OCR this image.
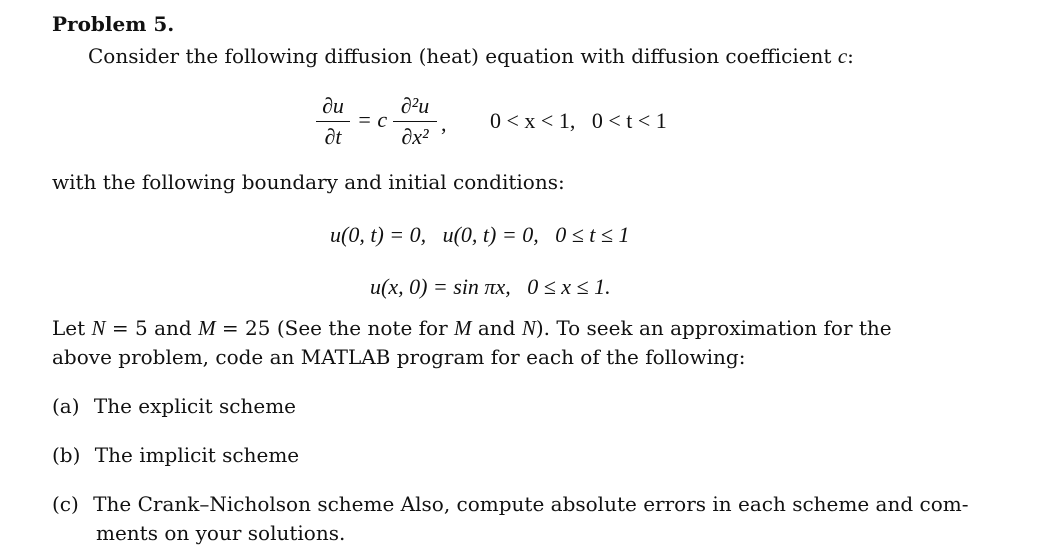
Problem 5.
Consider the following diffusion (heat) equation with diffusion coefficient c:
∂u
∂t
= c
∂²u
∂x²
, 0 < x < 1,   0 < t < 1
with the following boundary and initial conditions:
u(0, t) = 0,   u(0, t) = 0,   0 ≤ t ≤ 1
u(x, 0) = sin πx,   0 ≤ x ≤ 1.
Let N = 5 and M = 25 (See the note for M and N). To seek an approximation for the
above problem, code an MATLAB program for each of the following:
(a) The explicit scheme
(b) The implicit scheme
(c) The Crank–Nicholson scheme Also, compute absolute errors in each scheme and com-
ments on your solutions.
